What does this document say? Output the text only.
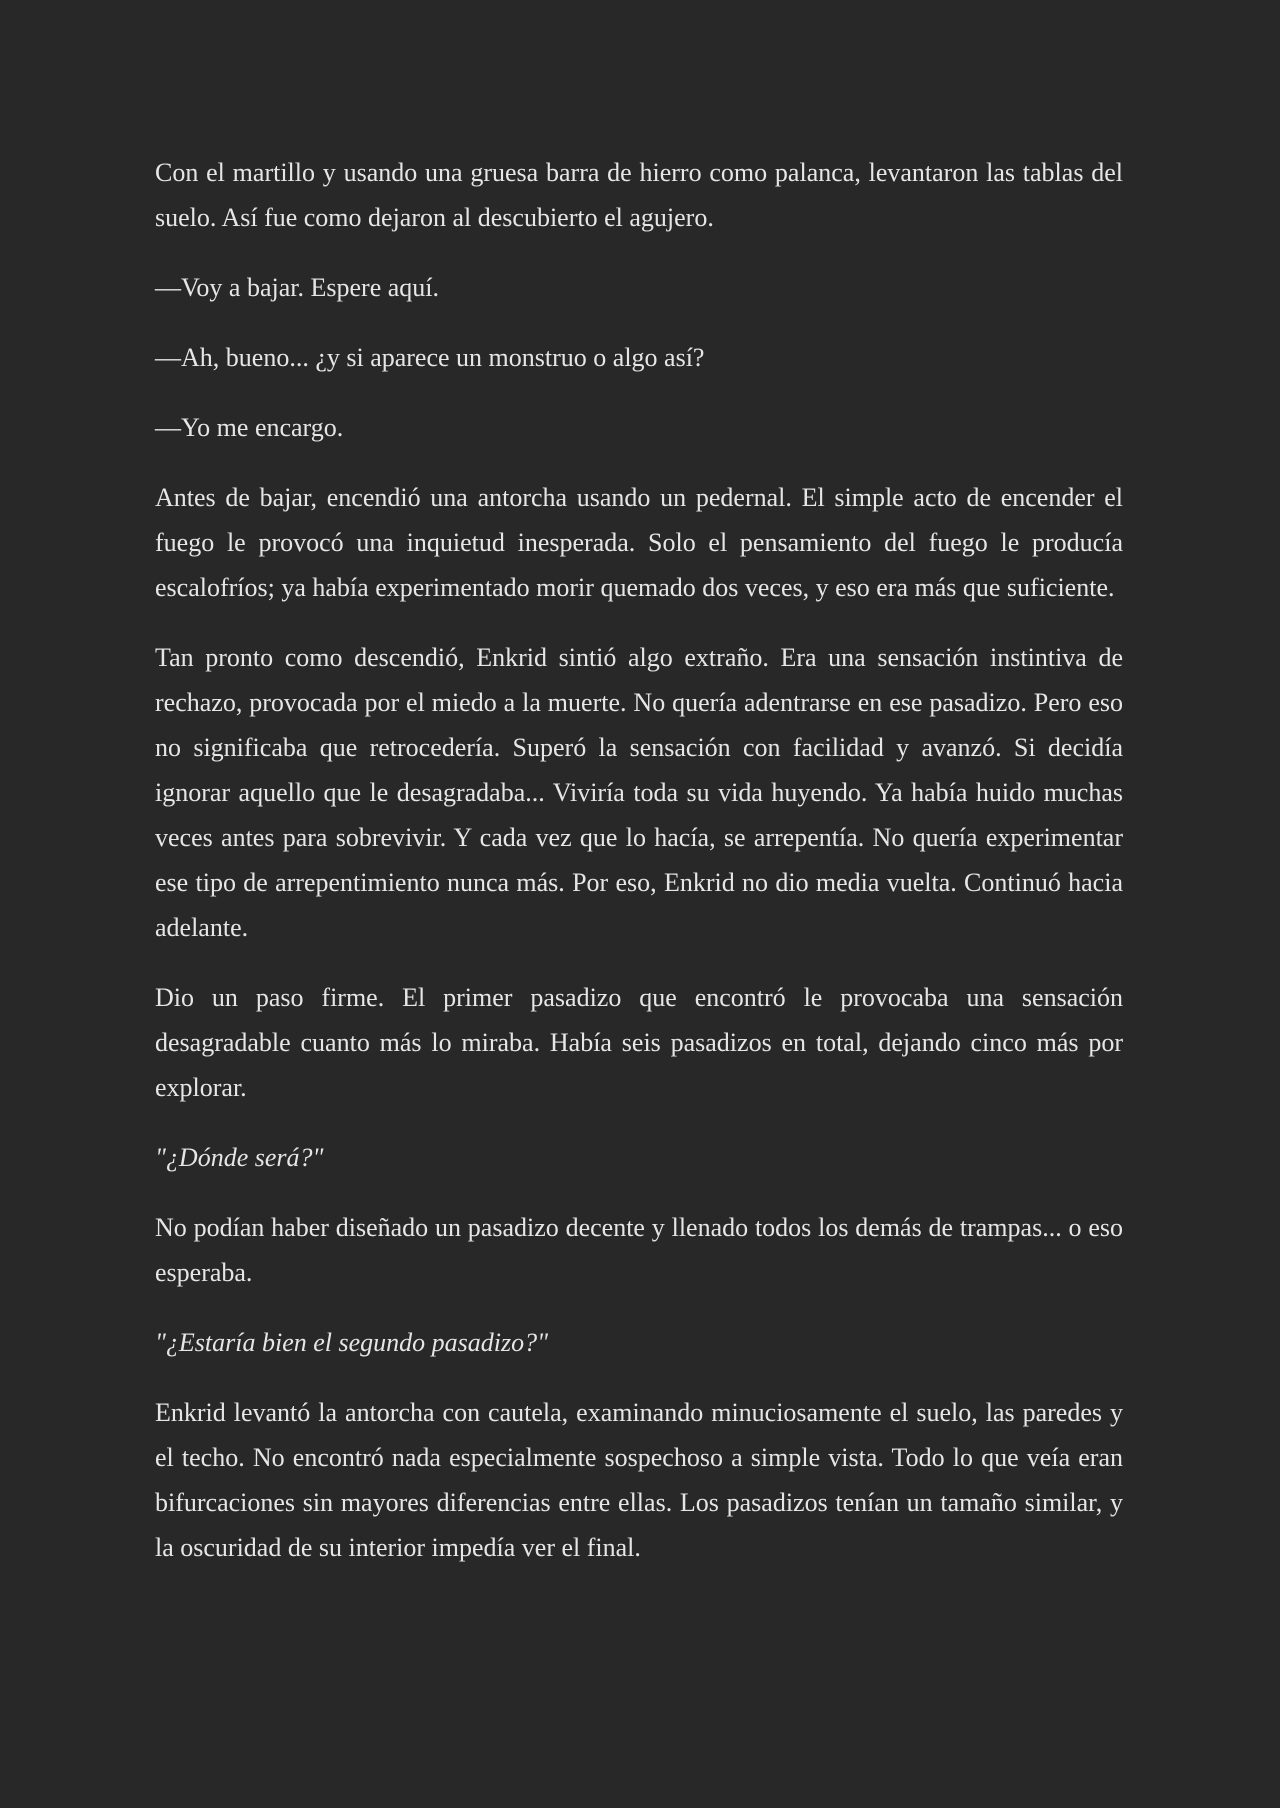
Con el martillo y usando una gruesa barra de hierro como palanca, levantaron las tablas del suelo. Así fue como dejaron al descubierto el agujero.

—Voy a bajar. Espere aquí.

—Ah, bueno... ¿y si aparece un monstruo o algo así?

—Yo me encargo.

Antes de bajar, encendió una antorcha usando un pedernal. El simple acto de encender el fuego le provocó una inquietud inesperada. Solo el pensamiento del fuego le producía escalofríos; ya había experimentado morir quemado dos veces, y eso era más que suficiente.

Tan pronto como descendió, Enkrid sintió algo extraño. Era una sensación instintiva de rechazo, provocada por el miedo a la muerte. No quería adentrarse en ese pasadizo. Pero eso no significaba que retrocedería. Superó la sensación con facilidad y avanzó. Si decidía ignorar aquello que le desagradaba... Viviría toda su vida huyendo. Ya había huido muchas veces antes para sobrevivir. Y cada vez que lo hacía, se arrepentía. No quería experimentar ese tipo de arrepentimiento nunca más. Por eso, Enkrid no dio media vuelta. Continuó hacia adelante.

Dio un paso firme. El primer pasadizo que encontró le provocaba una sensación desagradable cuanto más lo miraba. Había seis pasadizos en total, dejando cinco más por explorar.

"¿Dónde será?"

No podían haber diseñado un pasadizo decente y llenado todos los demás de trampas... o eso esperaba.

"¿Estaría bien el segundo pasadizo?"

Enkrid levantó la antorcha con cautela, examinando minuciosamente el suelo, las paredes y el techo. No encontró nada especialmente sospechoso a simple vista. Todo lo que veía eran bifurcaciones sin mayores diferencias entre ellas. Los pasadizos tenían un tamaño similar, y la oscuridad de su interior impedía ver el final.
